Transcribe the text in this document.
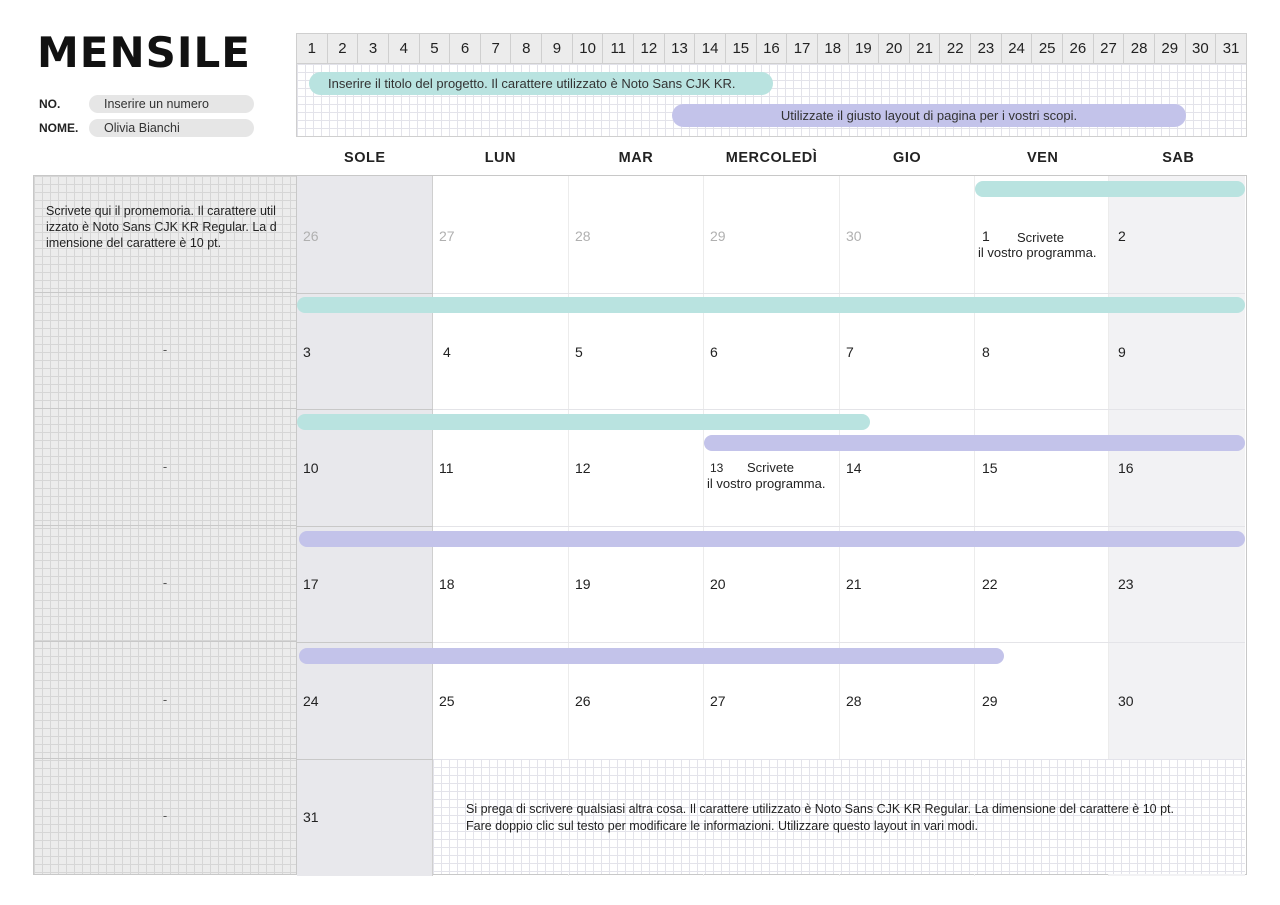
MENSILE
NO.	Inserire un numero
NOME.	Olivia Bianchi
1	2	3	4	5	6	7	8	9	10 11 12 13 14 15 16 17 18 19 20 21 22 23 24 25 26 27 28 29 30 31
Inserire il titolo del progetto. Il carattere utilizzato è Noto Sans CJK KR.
Utilizzate il giusto layout di pagina per i vostri scopi.
SOLE	LUN	MAR	MERCOLEDÌ	GIO	VEN	SAB
Scrivete qui il promemoria. Il carattere utilizzato è Noto Sans CJK KR Regular. La dimensione del carattere è 10 pt.
-
-
-
-
-
26	27	28	29	30	1	2
Scrivete
il vostro programma.
3	4	5	6	7	8	9
10	11	12	13	14	15	16
Scrivete
il vostro programma.
17	18	19	20	21	22	23
24	25	26	27	28	29	30
31	Si prega di scrivere qualsiasi altra cosa. Il carattere utilizzato è Noto Sans CJK KR Regular. La dimensione del carattere è 10 pt. Fare doppio clic sul testo per modificare le informazioni. Utilizzare questo layout in vari modi.
